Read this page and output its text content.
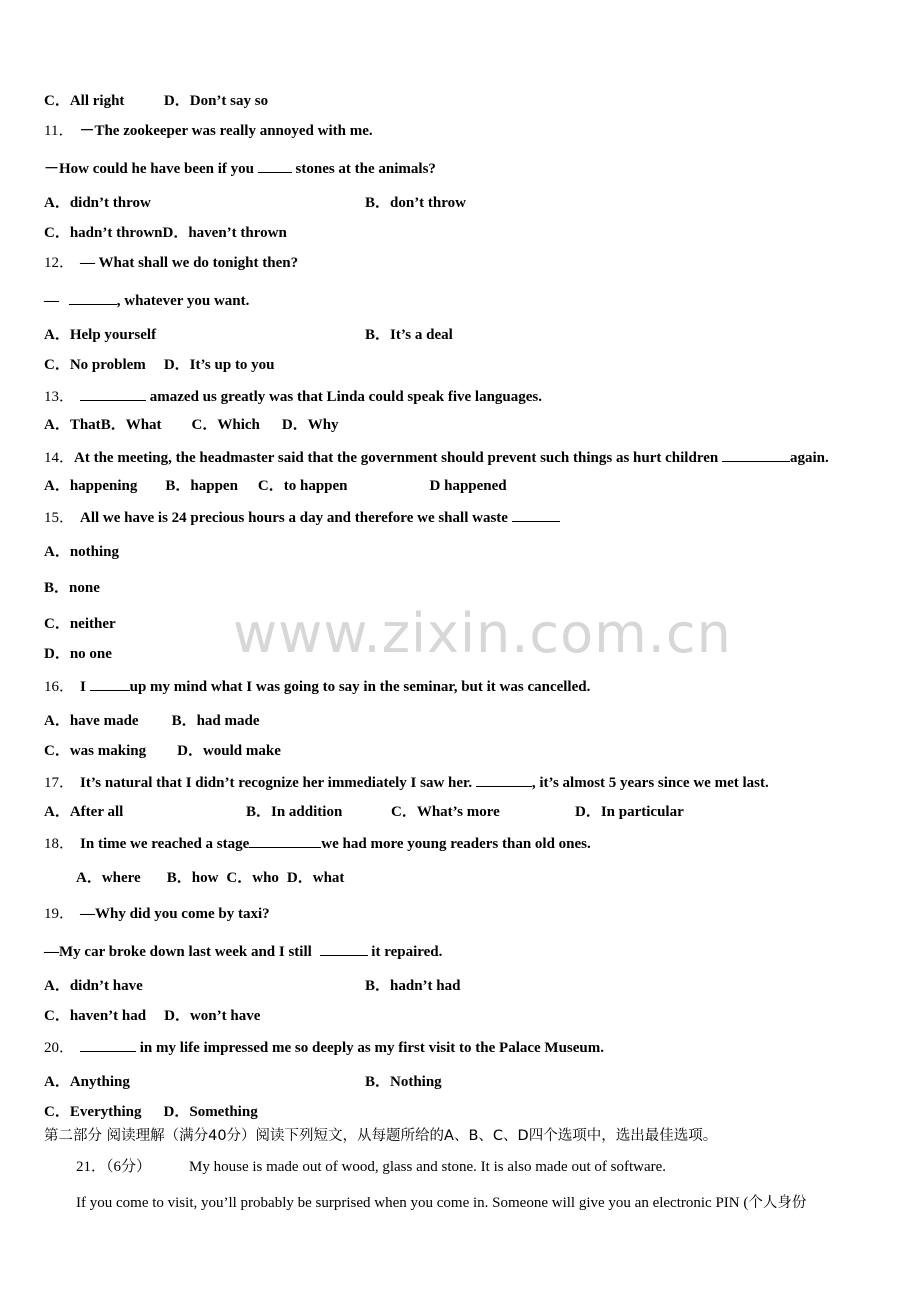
www.zixin.com.cn
C．All right	D．Don’t say so
11． －The zookeeper was really annoyed with me.
－How could he have been if you  stones at the animals?
A．didn’t throw	B．don’t throw
C．hadn’t thrownD．haven’t thrown
12． — What shall we do tonight then?
—	, whatever you want.
A．Help yourself	B．It’s a deal
C．No problem D．It’s up to you
13．	amazed us greatly was that Linda could speak five languages.
A．ThatB．What C．Which D．Why
14．At the meeting, the headmaster said that the government should prevent such things as hurt children	again.
A．happening B．happen C．to happen	D happened
15． All we have is 24 precious hours a day and therefore we shall waste
A．nothing
B．none
C．neither
D．no one
16． I	up my mind what I was going to say in the seminar, but it was cancelled.
A．have made B．had made
C．was making D．would make
17． It’s natural that I didn’t recognize her immediately I saw her.	, it’s almost 5 years since we met last.
A．After all	B．In addition	C．What’s more	D．In particular
18． In time we reached a stage	we had more young readers than old ones.
A．where B．how C．who D．what
19． —Why did you come by taxi?
—My car broke down last week and I still	it repaired.
A．didn’t have	B．hadn’t had
C．haven’t had D．won’t have
20．	in my life impressed me so deeply as my first visit to the Palace Museum.
A．Anything	B．Nothing
C．Everything D．Something
第二部分 阅读理解（满分40分）阅读下列短文，从每题所给的A、B、C、D四个选项中，选出最佳选项。
21．（6分）	My house is made out of wood, glass and stone. It is also made out of software.
If you come to visit, you’ll probably be surprised when you come in. Someone will give you an electronic PIN (个人身份
